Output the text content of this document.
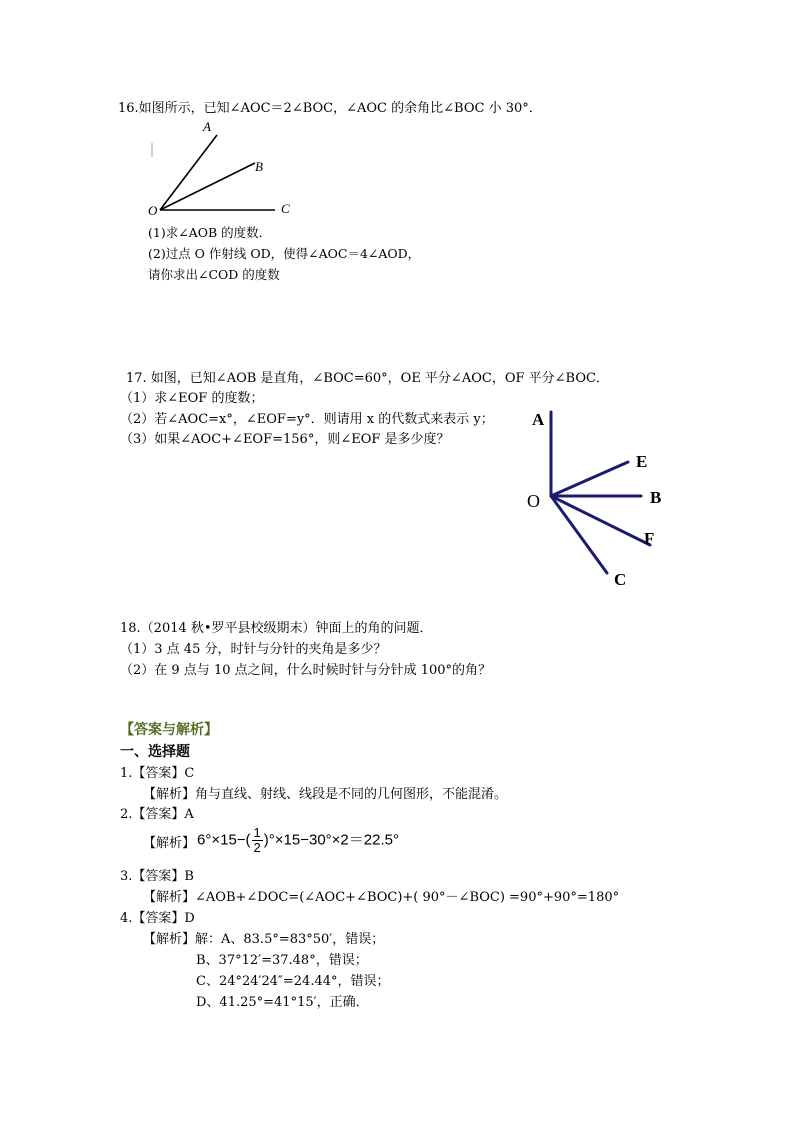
16.如图所示，已知∠AOC＝2∠BOC，∠AOC 的余角比∠BOC 小 30°．
A
B
C
O
(1)求∠AOB 的度数．
(2)过点 O 作射线 OD，使得∠AOC＝4∠AOD，
请你求出∠COD 的度数
17. 如图，已知∠AOB 是直角，∠BOC=60°，OE 平分∠AOC，OF 平分∠BOC．
（1）求∠EOF 的度数；
（2）若∠AOC=x°，∠EOF=y°．则请用 x 的代数式来表示 y；
（3）如果∠AOC+∠EOF=156°，则∠EOF 是多少度？
A
E
B
F
C
O
18.（2014 秋•罗平县校级期末）钟面上的角的问题．
（1）3 点 45 分，时针与分针的夹角是多少？
（2）在 9 点与 10 点之间，什么时候时针与分针成 100°的角？
【答案与解析】
一、选择题
1.【答案】C
【解析】角与直线、射线、线段是不同的几何图形，不能混淆。
2.【答案】A
【解析】 $6^\circ\times 15-( \frac{1}{2} )^\circ\times 15-30^\circ\times 2=22.5^\circ$
3.【答案】B
【解析】∠AOB+∠DOC=(∠AOC+∠BOC)+( 90°－∠BOC) =90°+90°=180°
4.【答案】D
【解析】解：A、83.5°=83°50′，错误；
B、37°12′=37.48°，错误；
C、24°24′24″=24.44°，错误；
D、41.25°=41°15′，正确．
